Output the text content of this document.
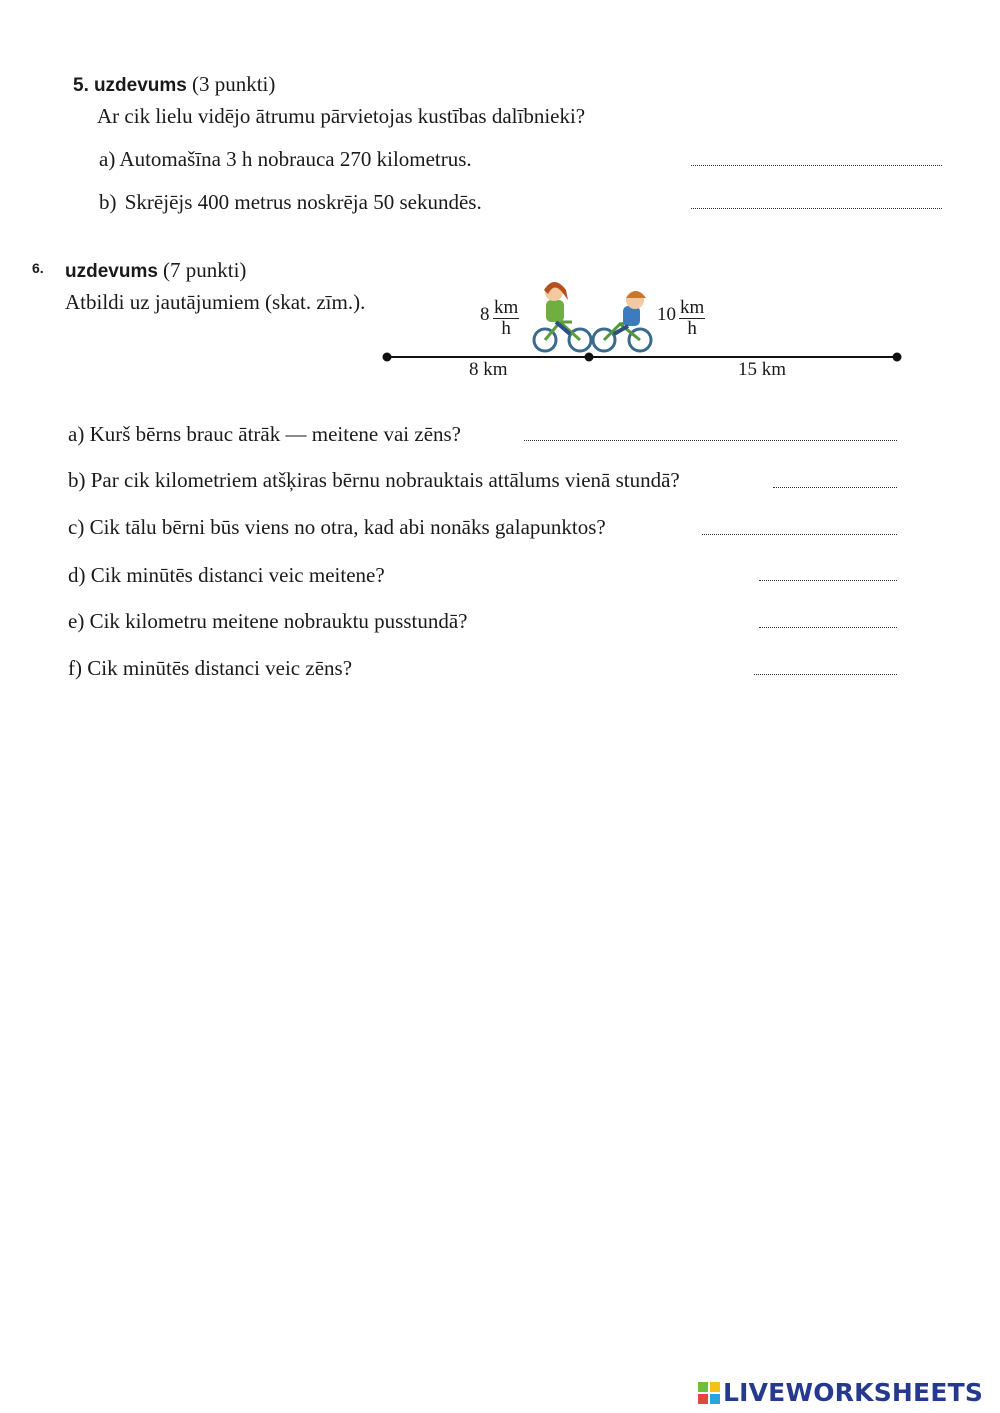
5. uzdevums (3 punkti)
Ar cik lielu vidējo ātrumu pārvietojas kustības dalībnieki?
a) Automašīna 3 h nobrauca 270 kilometrus.
b) Skrējējs 400 metrus noskrēja 50 sekundēs.
6. uzdevums (7 punkti)
Atbildi uz jautājumiem (skat. zīm.).
$8 \frac{km}{h}$	$10 \frac{km}{h}$
8 km	15 km
a) Kurš bērns brauc ātrāk — meitene vai zēns?
b) Par cik kilometriem atšķiras bērnu nobrauktais attālums vienā stundā?
c) Cik tālu bērni būs viens no otra, kad abi nonāks galapunktos?
d) Cik minūtēs distanci veic meitene?
e) Cik kilometru meitene nobrauktu pusstundā?
f) Cik minūtēs distanci veic zēns?
LIVEWORKSHEETS
